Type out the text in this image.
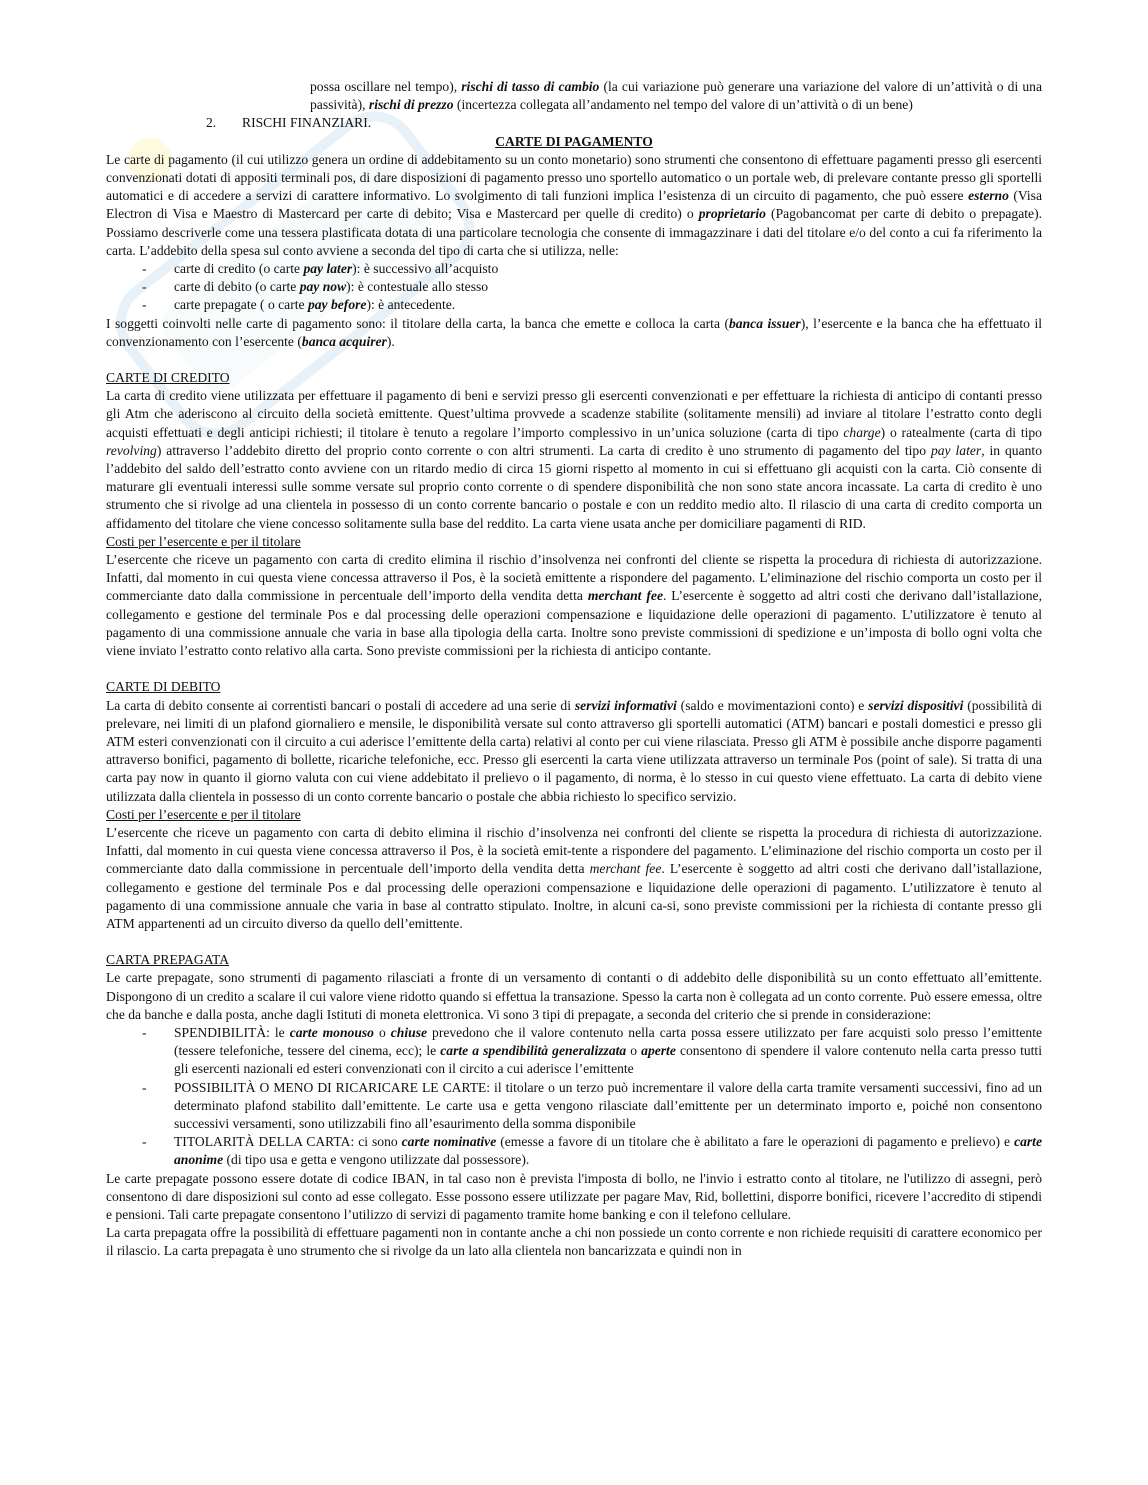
possa oscillare nel tempo), rischi di tasso di cambio (la cui variazione può generare una variazione del valore di un’attività o di una passività), rischi di prezzo (incertezza collegata all’andamento nel tempo del valore di un’attività o di un bene)

2. RISCHI FINANZIARI.

CARTE DI PAGAMENTO

Le carte di pagamento (il cui utilizzo genera un ordine di addebitamento su un conto monetario) sono strumenti che consentono di effettuare pagamenti presso gli esercenti convenzionati dotati di appositi terminali pos, di dare disposizioni di pagamento presso uno sportello automatico o un portale web, di prelevare contante presso gli sportelli automatici e di accedere a servizi di carattere informativo. Lo svolgimento di tali funzioni implica l’esistenza di un circuito di pagamento, che può essere esterno (Visa Electron di Visa e Maestro di Mastercard per carte di debito; Visa e Mastercard per quelle di credito) o proprietario (Pagobancomat per carte di debito o prepagate). Possiamo descriverle come una tessera plastificata dotata di una particolare tecnologia che consente di immagazzinare i dati del titolare e/o del conto a cui fa riferimento la carta. L’addebito della spesa sul conto avviene a seconda del tipo di carta che si utilizza, nelle:

- carte di credito (o carte pay later): è successivo all’acquisto
- carte di debito (o carte pay now): è contestuale allo stesso
- carte prepagate ( o carte pay before): è antecedente.

I soggetti coinvolti nelle carte di pagamento sono: il titolare della carta, la banca che emette e colloca la carta (banca issuer), l’esercente e la banca che ha effettuato il convenzionamento con l’esercente (banca acquirer).

CARTE DI CREDITO

La carta di credito viene utilizzata per effettuare il pagamento di beni e servizi presso gli esercenti convenzionati e per effettuare la richiesta di anticipo di contanti presso gli Atm che aderiscono al circuito della società emittente. Quest’ultima provvede a scadenze stabilite (solitamente mensili) ad inviare al titolare l’estratto conto degli acquisti effettuati e degli anticipi richiesti; il titolare è tenuto a regolare l’importo complessivo in un’unica soluzione (carta di tipo charge) o ratealmente (carta di tipo revolving) attraverso l’addebito diretto del proprio conto corrente o con altri strumenti. La carta di credito è uno strumento di pagamento del tipo pay later, in quanto l’addebito del saldo dell’estratto conto avviene con un ritardo medio di circa 15 giorni rispetto al momento in cui si effettuano gli acquisti con la carta. Ciò consente di maturare gli eventuali interessi sulle somme versate sul proprio conto corrente o di spendere disponibilità che non sono state ancora incassate. La carta di credito è uno strumento che si rivolge ad una clientela in possesso di un conto corrente bancario o postale e con un reddito medio alto. Il rilascio di una carta di credito comporta un affidamento del titolare che viene concesso solitamente sulla base del reddito. La carta viene usata anche per domiciliare pagamenti di RID.

Costi per l’esercente e per il titolare

L’esercente che riceve un pagamento con carta di credito elimina il rischio d’insolvenza nei confronti del cliente se rispetta la procedura di richiesta di autorizzazione. Infatti, dal momento in cui questa viene concessa attraverso il Pos, è la società emittente a rispondere del pagamento. L’eliminazione del rischio comporta un costo per il commerciante dato dalla commissione in percentuale dell’importo della vendita detta merchant fee. L’esercente è soggetto ad altri costi che derivano dall’istallazione, collegamento e gestione del terminale Pos e dal processing delle operazioni compensazione e liquidazione delle operazioni di pagamento. L’utilizzatore è tenuto al pagamento di una commissione annuale che varia in base alla tipologia della carta. Inoltre sono previste commissioni di spedizione e un’imposta di bollo ogni volta che viene inviato l’estratto conto relativo alla carta. Sono previste commissioni per la richiesta di anticipo contante.

CARTE DI DEBITO

La carta di debito consente ai correntisti bancari o postali di accedere ad una serie di servizi informativi (saldo e movimentazioni conto) e servizi dispositivi (possibilità di prelevare, nei limiti di un plafond giornaliero e mensile, le disponibilità versate sul conto attraverso gli sportelli automatici (ATM) bancari e postali domestici e presso gli ATM esteri convenzionati con il circuito a cui aderisce l’emittente della carta) relativi al conto per cui viene rilasciata. Presso gli ATM è possibile anche disporre pagamenti attraverso bonifici, pagamento di bollette, ricariche telefoniche, ecc. Presso gli esercenti la carta viene utilizzata attraverso un terminale Pos (point of sale). Si tratta di una carta pay now in quanto il giorno valuta con cui viene addebitato il prelievo o il pagamento, di norma, è lo stesso in cui questo viene effettuato. La carta di debito viene utilizzata dalla clientela in possesso di un conto corrente bancario o postale che abbia richiesto lo specifico servizio.

Costi per l’esercente e per il titolare

L’esercente che riceve un pagamento con carta di debito elimina il rischio d’insolvenza nei confronti del cliente se rispetta la procedura di richiesta di autorizzazione. Infatti, dal momento in cui questa viene concessa attraverso il Pos, è la società emit-tente a rispondere del pagamento. L’eliminazione del rischio comporta un costo per il commerciante dato dalla commissione in percentuale dell’importo della vendita detta merchant fee. L’esercente è soggetto ad altri costi che derivano dall’istallazione, collegamento e gestione del terminale Pos e dal processing delle operazioni compensazione e liquidazione delle operazioni di pagamento. L’utilizzatore è tenuto al pagamento di una commissione annuale che varia in base al contratto stipulato. Inoltre, in alcuni ca-si, sono previste commissioni per la richiesta di contante presso gli ATM appartenenti ad un circuito diverso da quello dell’emittente.

CARTA PREPAGATA

Le carte prepagate, sono strumenti di pagamento rilasciati a fronte di un versamento di contanti o di addebito delle disponibilità su un conto effettuato all’emittente. Dispongono di un credito a scalare il cui valore viene ridotto quando si effettua la transazione. Spesso la carta non è collegata ad un conto corrente. Può essere emessa, oltre che da banche e dalla posta, anche dagli Istituti di moneta elettronica. Vi sono 3 tipi di prepagate, a seconda del criterio che si prende in considerazione:

- SPENDIBILITÀ: le carte monouso o chiuse prevedono che il valore contenuto nella carta possa essere utilizzato per fare acquisti solo presso l’emittente (tessere telefoniche, tessere del cinema, ecc); le carte a spendibilità generalizzata o aperte consentono di spendere il valore contenuto nella carta presso tutti gli esercenti nazionali ed esteri convenzionati con il circito a cui aderisce l’emittente
- POSSIBILITÀ O MENO DI RICARICARE LE CARTE: il titolare o un terzo può incrementare il valore della carta tramite versamenti successivi, fino ad un determinato plafond stabilito dall’emittente. Le carte usa e getta vengono rilasciate dall’emittente per un determinato importo e, poiché non consentono successivi versamenti, sono utilizzabili fino all’esaurimento della somma disponibile
- TITOLARITÀ DELLA CARTA: ci sono carte nominative (emesse a favore di un titolare che è abilitato a fare le operazioni di pagamento e prelievo) e carte anonime (di tipo usa e getta e vengono utilizzate dal possessore).

Le carte prepagate possono essere dotate di codice IBAN, in tal caso non è prevista l'imposta di bollo, ne l'invio i estratto conto al titolare, ne l'utilizzo di assegni, però consentono di dare disposizioni sul conto ad esse collegato. Esse possono essere utilizzate per pagare Mav, Rid, bollettini, disporre bonifici, ricevere l’accredito di stipendi e pensioni. Tali carte prepagate consentono l’utilizzo di servizi di pagamento tramite home banking e con il telefono cellulare.

La carta prepagata offre la possibilità di effettuare pagamenti non in contante anche a chi non possiede un conto corrente e non richiede requisiti di carattere economico per il rilascio. La carta prepagata è uno strumento che si rivolge da un lato alla clientela non bancarizzata e quindi non in
